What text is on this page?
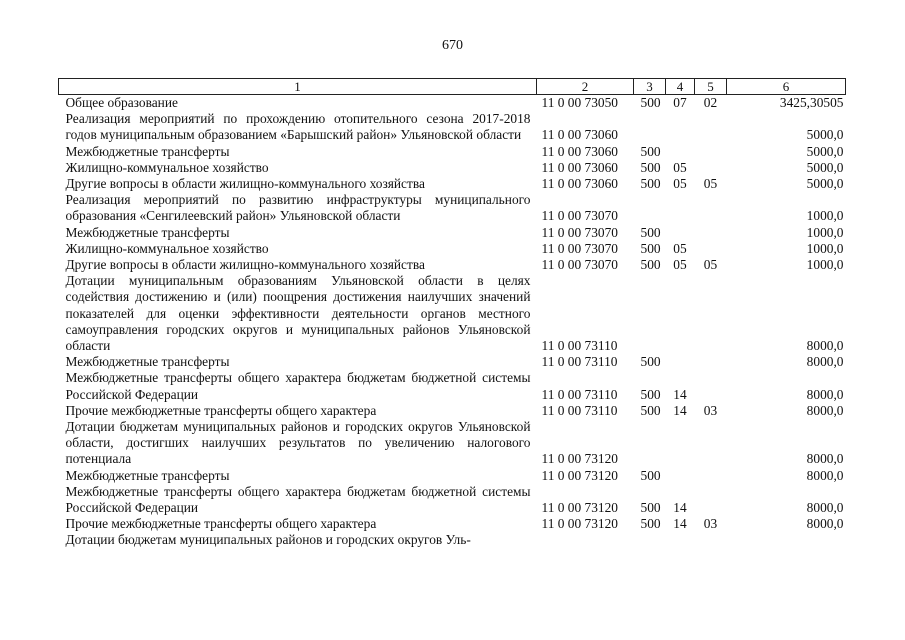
670
1	2	3	4	5	6
Общее образование	11 0 00 73050	500	07	02	3425,30505
Реализация мероприятий по прохождению отопительного сезона 2017-2018 годов муниципальным образованием «Барышский район» Ульяновской области	11 0 00 73060				5000,0
Межбюджетные трансферты	11 0 00 73060	500			5000,0
Жилищно-коммунальное хозяйство	11 0 00 73060	500	05		5000,0
Другие вопросы в области жилищно-коммунального хозяйства	11 0 00 73060	500	05	05	5000,0
Реализация мероприятий по развитию инфраструктуры муниципального образования «Сенгилеевский район» Ульяновской области	11 0 00 73070				1000,0
Межбюджетные трансферты	11 0 00 73070	500			1000,0
Жилищно-коммунальное хозяйство	11 0 00 73070	500	05		1000,0
Другие вопросы в области жилищно-коммунального хозяйства	11 0 00 73070	500	05	05	1000,0
Дотации муниципальным образованиям Ульяновской области в целях содействия достижению и (или) поощрения достижения наилучших значений показателей для оценки эффективности деятельности органов местного самоуправления городских округов и муниципальных районов Ульяновской области	11 0 00 73110				8000,0
Межбюджетные трансферты	11 0 00 73110	500			8000,0
Межбюджетные трансферты общего характера бюджетам бюджетной системы Российской Федерации	11 0 00 73110	500	14		8000,0
Прочие межбюджетные трансферты общего характера	11 0 00 73110	500	14	03	8000,0
Дотации бюджетам муниципальных районов и городских округов Ульяновской области, достигших наилучших результатов по увеличению налогового потенциала	11 0 00 73120				8000,0
Межбюджетные трансферты	11 0 00 73120	500			8000,0
Межбюджетные трансферты общего характера бюджетам бюджетной системы Российской Федерации	11 0 00 73120	500	14		8000,0
Прочие межбюджетные трансферты общего характера	11 0 00 73120	500	14	03	8000,0
Дотации бюджетам муниципальных районов и городских округов Уль-					
